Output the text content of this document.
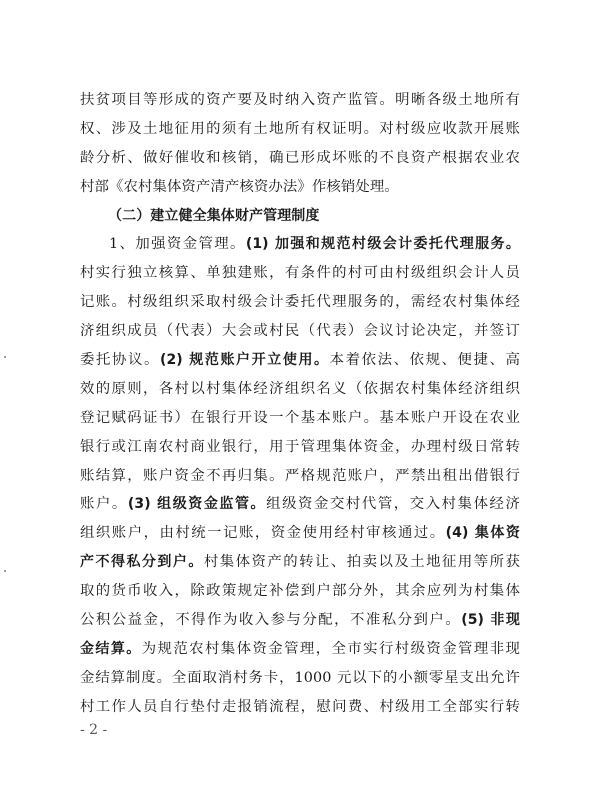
扶贫项目等形成的资产要及时纳入资产监管。明晰各级土地所有
权、涉及土地征用的须有土地所有权证明。对村级应收款开展账
龄分析、做好催收和核销，确已形成坏账的不良资产根据农业农
村部《农村集体资产清产核资办法》作核销处理。
（二）建立健全集体财产管理制度
1、加强资金管理。(1) 加强和规范村级会计委托代理服务。
村实行独立核算、单独建账，有条件的村可由村级组织会计人员
记账。村级组织采取村级会计委托代理服务的，需经农村集体经
济组织成员（代表）大会或村民（代表）会议讨论决定，并签订
委托协议。(2) 规范账户开立使用。本着依法、依规、便捷、高
效的原则，各村以村集体经济组织名义（依据农村集体经济组织
登记赋码证书）在银行开设一个基本账户。基本账户开设在农业
银行或江南农村商业银行，用于管理集体资金，办理村级日常转
账结算，账户资金不再归集。严格规范账户，严禁出租出借银行
账户。(3) 组级资金监管。组级资金交村代管，交入村集体经济
组织账户，由村统一记账，资金使用经村审核通过。(4) 集体资
产不得私分到户。村集体资产的转让、拍卖以及土地征用等所获
取的货币收入，除政策规定补偿到户部分外，其余应列为村集体
公积公益金，不得作为收入参与分配，不准私分到户。(5) 非现
金结算。为规范农村集体资金管理，全市实行村级资金管理非现
金结算制度。全面取消村务卡，1000 元以下的小额零星支出允许
村工作人员自行垫付走报销流程，慰问费、村级用工全部实行转
- 2 -
